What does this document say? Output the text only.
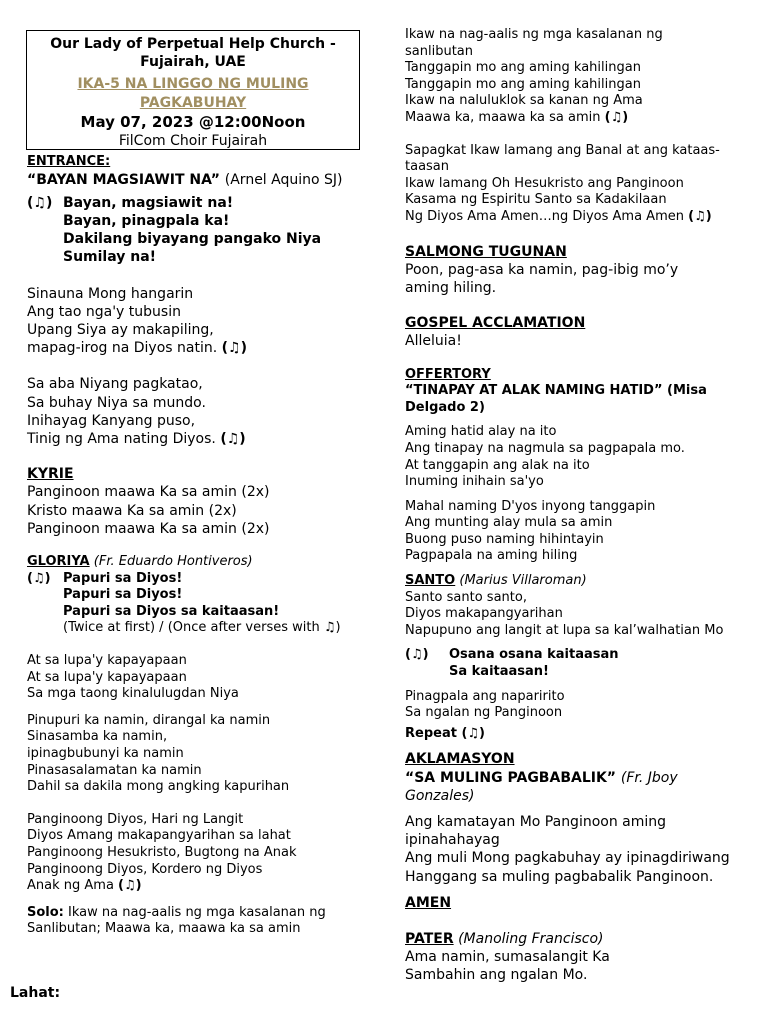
Our Lady of Perpetual Help Church - Fujairah, UAE
IKA-5 NA LINGGO NG MULING PAGKABUHAY
May 07, 2023 @12:00Noon
FilCom Choir Fujairah
ENTRANCE:
“BAYAN MAGSIAWIT NA” (Arnel Aquino SJ)
(♫) Bayan, magsiawit na!
Bayan, pinagpala ka!
Dakilang biyayang pangako Niya
Sumilay na!
Sinauna Mong hangarin
Ang tao nga'y tubusin
Upang Siya ay makapiling,
mapag-irog na Diyos natin. (♫)
Sa aba Niyang pagkatao,
Sa buhay Niya sa mundo.
Inihayag Kanyang puso,
Tinig ng Ama nating Diyos. (♫)
KYRIE
Panginoon maawa Ka sa amin (2x)
Kristo maawa Ka sa amin (2x)
Panginoon maawa Ka sa amin (2x)
GLORIYA (Fr. Eduardo Hontiveros)
(♫) Papuri sa Diyos!
Papuri sa Diyos!
Papuri sa Diyos sa kaitaasan!
(Twice at first) / (Once after verses with ♫)
At sa lupa'y kapayapaan
At sa lupa'y kapayapaan
Sa mga taong kinalulugdan Niya
Pinupuri ka namin, dirangal ka namin
Sinasamba ka namin,
ipinagbubunyi ka namin
Pinasasalamatan ka namin
Dahil sa dakila mong angking kapurihan
Panginoong Diyos, Hari ng Langit
Diyos Amang makapangyarihan sa lahat
Panginoong Hesukristo, Bugtong na Anak
Panginoong Diyos, Kordero ng Diyos
Anak ng Ama (♫)
Solo: Ikaw na nag-aalis ng mga kasalanan ng Sanlibutan; Maawa ka, maawa ka sa amin
Lahat:
Ikaw na nag-aalis ng mga kasalanan ng
sanlibutan
Tanggapin mo ang aming kahilingan
Tanggapin mo ang aming kahilingan
Ikaw na naluluklok sa kanan ng Ama
Maawa ka, maawa ka sa amin (♫)
Sapagkat Ikaw lamang ang Banal at ang kataas-
taasan
Ikaw lamang Oh Hesukristo ang Panginoon
Kasama ng Espiritu Santo sa Kadakilaan
Ng Diyos Ama Amen…ng Diyos Ama Amen (♫)
SALMONG TUGUNAN
Poon, pag-asa ka namin, pag-ibig mo’y aming hiling.
GOSPEL ACCLAMATION
Alleluia!
OFFERTORY
“TINAPAY AT ALAK NAMING HATID” (Misa Delgado 2)
Aming hatid alay na ito
Ang tinapay na nagmula sa pagpapala mo.
At tanggapin ang alak na ito
Inuming inihain sa'yo
Mahal naming D'yos inyong tanggapin
Ang munting alay mula sa amin
Buong puso naming hihintayin
Pagpapala na aming hiling
SANTO (Marius Villaroman)
Santo santo santo,
Diyos makapangyarihan
Napupuno ang langit at lupa sa kal’walhatian Mo
(♫)	Osana osana kaitaasan
Sa kaitaasan!
Pinagpala ang naparirito
Sa ngalan ng Panginoon
Repeat (♫)
AKLAMASYON
“SA MULING PAGBABALIK” (Fr. Jboy Gonzales)
Ang kamatayan Mo Panginoon aming ipinahahayag
Ang muli Mong pagkabuhay ay ipinagdiriwang
Hanggang sa muling pagbabalik Panginoon.
AMEN
PATER (Manoling Francisco)
Ama namin, sumasalangit Ka
Sambahin ang ngalan Mo.
